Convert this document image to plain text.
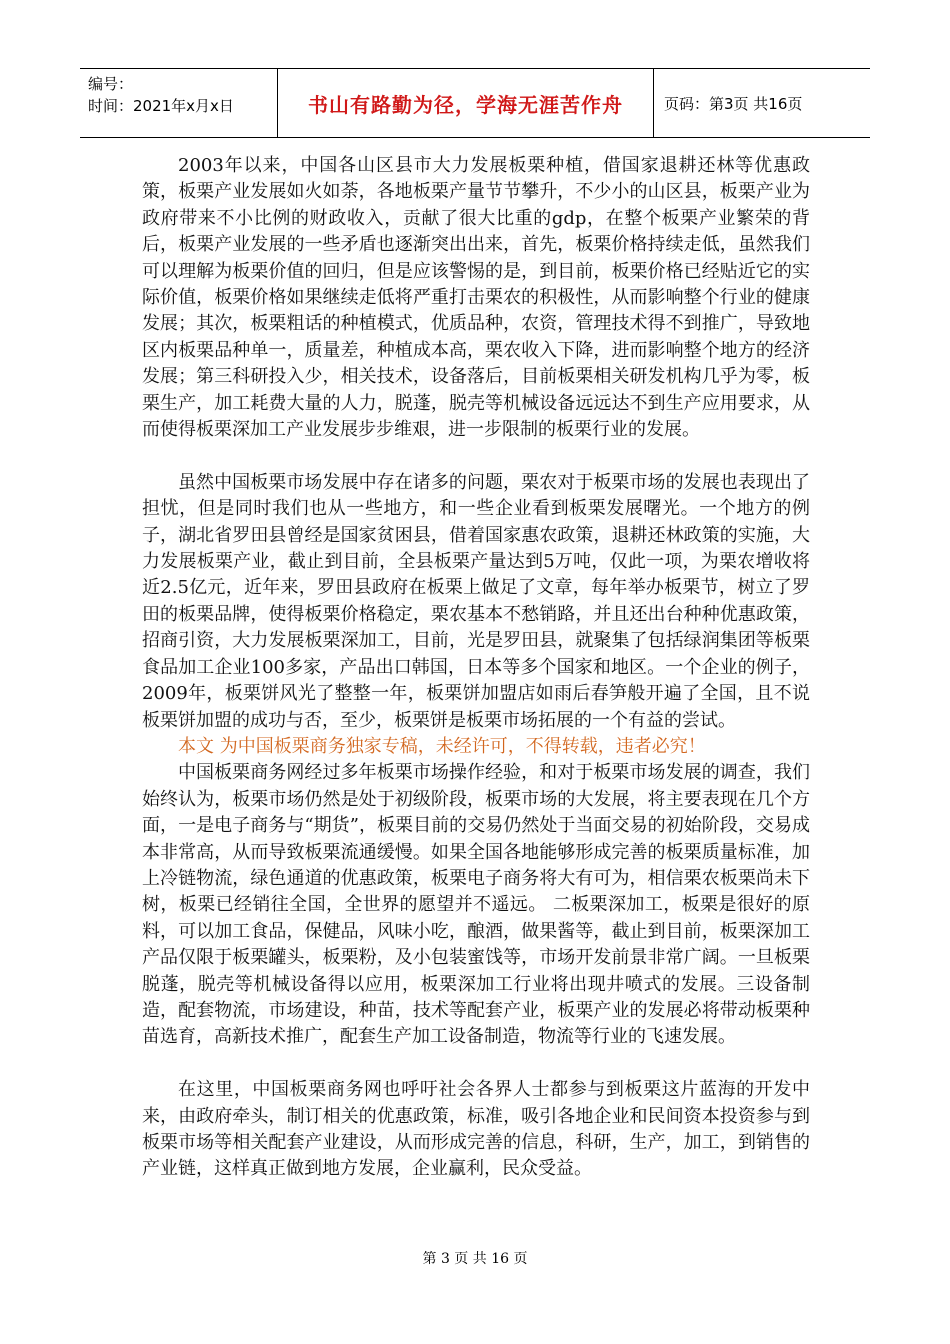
编号：
时间：2021年x月x日	书山有路勤为径，学海无涯苦作舟	页码：第3页 共16页

2003年以来，中国各山区县市大力发展板栗种植，借国家退耕还林等优惠政策，板栗产业发展如火如荼，各地板栗产量节节攀升，不少小的山区县，板栗产业为政府带来不小比例的财政收入，贡献了很大比重的gdp，在整个板栗产业繁荣的背后，板栗产业发展的一些矛盾也逐渐突出出来，首先，板栗价格持续走低，虽然我们可以理解为板栗价值的回归，但是应该警惕的是，到目前，板栗价格已经贴近它的实际价值，板栗价格如果继续走低将严重打击栗农的积极性，从而影响整个行业的健康发展；其次，板栗粗话的种植模式，优质品种，农资，管理技术得不到推广，导致地区内板栗品种单一，质量差，种植成本高，栗农收入下降，进而影响整个地方的经济发展；第三科研投入少，相关技术，设备落后，目前板栗相关研发机构几乎为零，板栗生产，加工耗费大量的人力，脱蓬，脱壳等机械设备远远达不到生产应用要求，从而使得板栗深加工产业发展步步维艰，进一步限制的板栗行业的发展。

虽然中国板栗市场发展中存在诸多的问题，栗农对于板栗市场的发展也表现出了担忧，但是同时我们也从一些地方，和一些企业看到板栗发展曙光。一个地方的例子，湖北省罗田县曾经是国家贫困县，借着国家惠农政策，退耕还林政策的实施，大力发展板栗产业，截止到目前，全县板栗产量达到5万吨，仅此一项，为栗农增收将近2.5亿元，近年来，罗田县政府在板栗上做足了文章，每年举办板栗节，树立了罗田的板栗品牌，使得板栗价格稳定，栗农基本不愁销路，并且还出台种种优惠政策，招商引资，大力发展板栗深加工，目前，光是罗田县，就聚集了包括绿润集团等板栗食品加工企业100多家，产品出口韩国，日本等多个国家和地区。一个企业的例子，2009年，板栗饼风光了整整一年，板栗饼加盟店如雨后春笋般开遍了全国，且不说板栗饼加盟的成功与否，至少，板栗饼是板栗市场拓展的一个有益的尝试。

本文 为中国板栗商务独家专稿，未经许可，不得转载，违者必究！

中国板栗商务网经过多年板栗市场操作经验，和对于板栗市场发展的调查，我们始终认为，板栗市场仍然是处于初级阶段，板栗市场的大发展，将主要表现在几个方面，一是电子商务与“期货”，板栗目前的交易仍然处于当面交易的初始阶段，交易成本非常高，从而导致板栗流通缓慢。如果全国各地能够形成完善的板栗质量标准，加上冷链物流，绿色通道的优惠政策，板栗电子商务将大有可为，相信栗农板栗尚未下树，板栗已经销往全国，全世界的愿望并不遥远。 二板栗深加工，板栗是很好的原料，可以加工食品，保健品，风味小吃，酿酒，做果酱等，截止到目前，板栗深加工产品仅限于板栗罐头，板栗粉，及小包装蜜饯等，市场开发前景非常广阔。一旦板栗脱蓬，脱壳等机械设备得以应用，板栗深加工行业将出现井喷式的发展。三设备制造，配套物流，市场建设，种苗，技术等配套产业，板栗产业的发展必将带动板栗种苗选育，高新技术推广，配套生产加工设备制造，物流等行业的飞速发展。

在这里，中国板栗商务网也呼吁社会各界人士都参与到板栗这片蓝海的开发中来，由政府牵头，制订相关的优惠政策，标准，吸引各地企业和民间资本投资参与到板栗市场等相关配套产业建设，从而形成完善的信息，科研，生产，加工，到销售的产业链，这样真正做到地方发展，企业赢利，民众受益。

第 3 页 共 16 页
